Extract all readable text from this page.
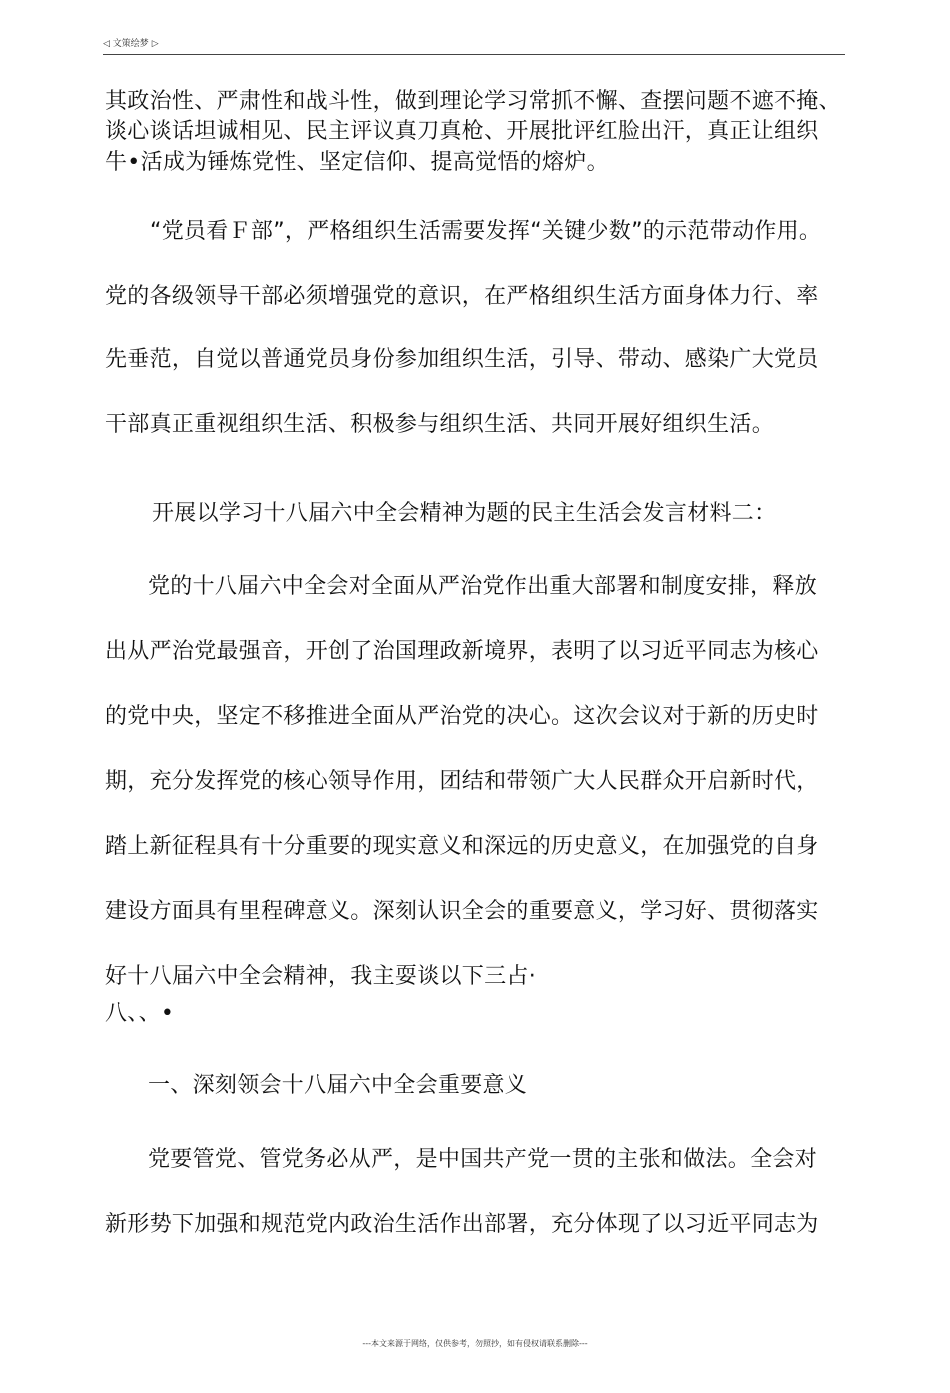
◁ 文策绘梦 ▷
其政治性、严肃性和战斗性，做到理论学习常抓不懈、查摆问题不遮不掩、
谈心谈话坦诚相见、民主评议真刀真枪、开展批评红脸出汗，真正让组织
牛•活成为锤炼党性、坚定信仰、提高觉悟的熔炉。
“党员看Ｆ部”，严格组织生活需要发挥“关键少数”的示范带动作用。
党的各级领导干部必须增强党的意识，在严格组织生活方面身体力行、率
先垂范，自觉以普通党员身份参加组织生活，引导、带动、感染广大党员
干部真正重视组织生活、积极参与组织生活、共同开展好组织生活。
开展以学习十八届六中全会精神为题的民主生活会发言材料二：
党的十八届六中全会对全面从严治党作出重大部署和制度安排，释放
出从严治党最强音，开创了治国理政新境界，表明了以习近平同志为核心
的党中央，坚定不移推进全面从严治党的决心。这次会议对于新的历史时
期，充分发挥党的核心领导作用，团结和带领广大人民群众开启新时代，
踏上新征程具有十分重要的现实意义和深远的历史意义，在加强党的自身
建设方面具有里程碑意义。深刻认识全会的重要意义，学习好、贯彻落实
好十八届六中全会精神，我主耍谈以下三占·
八、、•
一、深刻领会十八届六中全会重要意义
党要管党、管党务必从严，是中国共产党一贯的主张和做法。全会对
新形势下加强和规范党内政治生活作出部署，充分体现了以习近平同志为
---本文来源于网络，仅供参考，勿照抄，如有侵权请联系删除---
